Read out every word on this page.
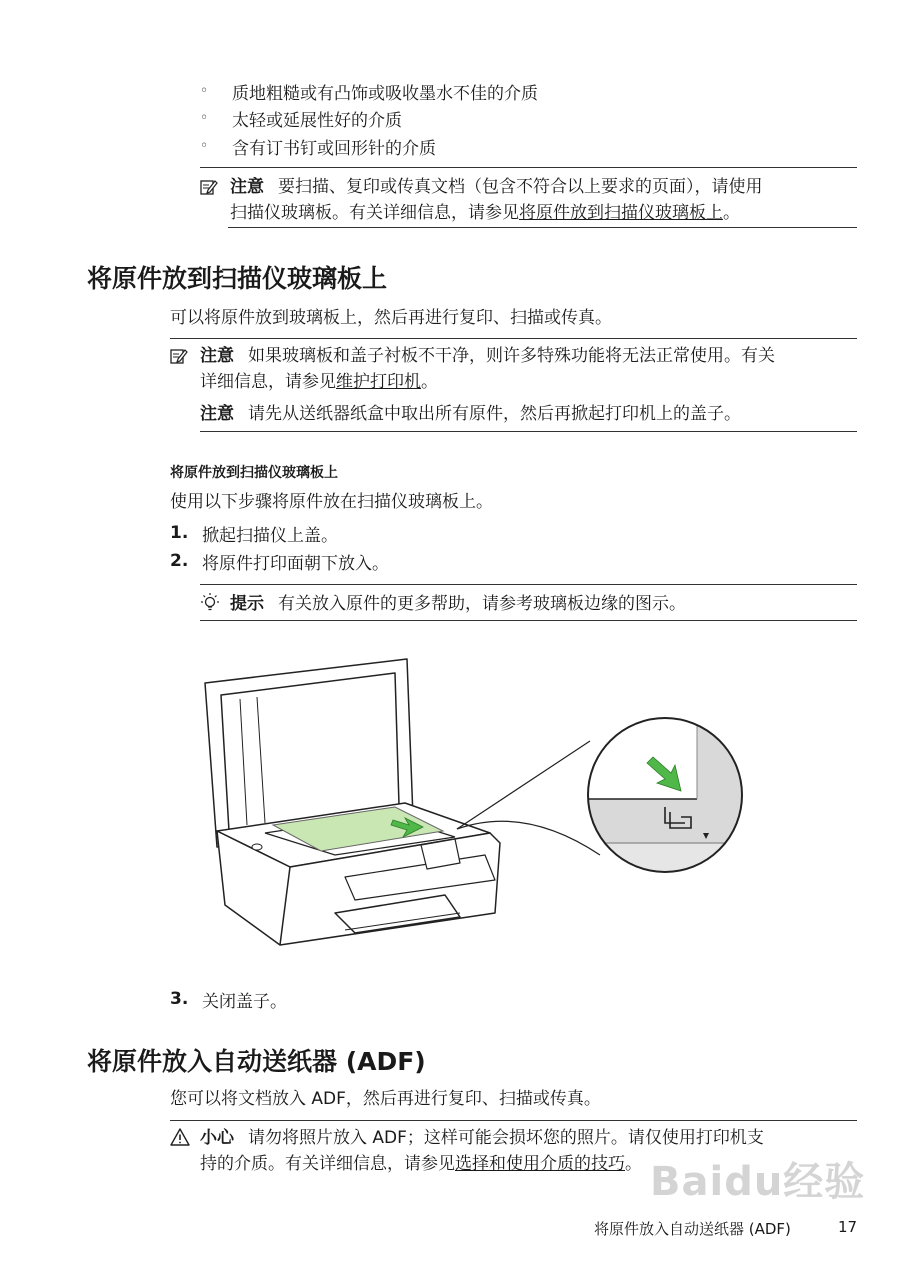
◦	质地粗糙或有凸饰或吸收墨水不佳的介质
◦	太轻或延展性好的介质
◦	含有订书钉或回形针的介质
注意 要扫描、复印或传真文档（包含不符合以上要求的页面），请使用
扫描仪玻璃板。有关详细信息，请参见将原件放到扫描仪玻璃板上。
将原件放到扫描仪玻璃板上
可以将原件放到玻璃板上，然后再进行复印、扫描或传真。
注意 如果玻璃板和盖子衬板不干净，则许多特殊功能将无法正常使用。有关
详细信息，请参见维护打印机。
注意 请先从送纸器纸盒中取出所有原件，然后再掀起打印机上的盖子。
将原件放到扫描仪玻璃板上
使用以下步骤将原件放在扫描仪玻璃板上。
1. 掀起扫描仪上盖。
2. 将原件打印面朝下放入。
提示 有关放入原件的更多帮助，请参考玻璃板边缘的图示。
3. 关闭盖子。
将原件放入自动送纸器 (ADF)
您可以将文档放入 ADF，然后再进行复印、扫描或传真。
小心 请勿将照片放入 ADF；这样可能会损坏您的照片。请仅使用打印机支
持的介质。有关详细信息，请参见选择和使用介质的技巧。 Baidu经验
将原件放入自动送纸器 (ADF)	17
